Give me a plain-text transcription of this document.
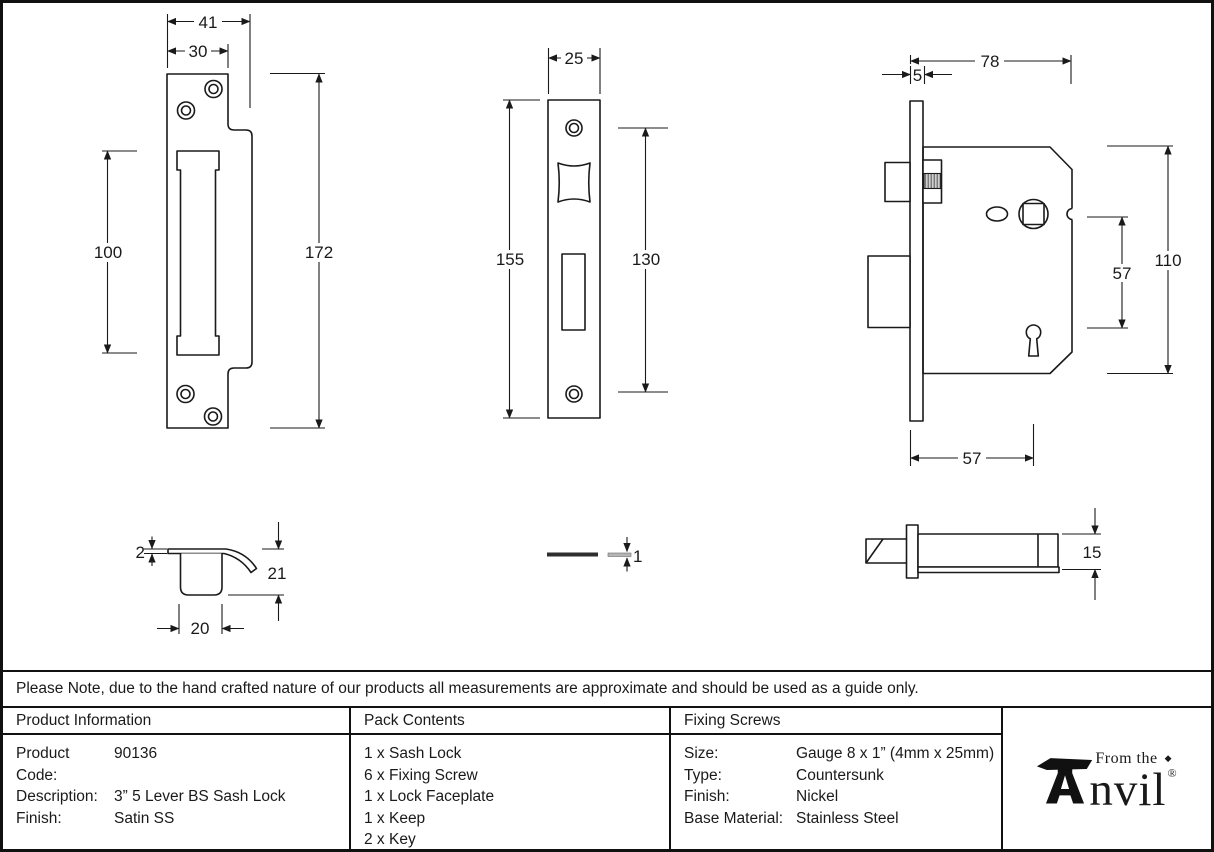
41
30
100	172
25
155	130
78
5
110
57
57
2
21
20
1	15
Please Note, due to the hand crafted nature of our products all measurements are approximate and should be used as a guide only.
Product Information
Product Code:
90136
Description:	3” 5 Lever BS Sash Lock
Finish:	Satin SS
Pack Contents
1 x Sash Lock
6 x Fixing Screw
1 x Lock Faceplate
1 x Keep
2 x Key
Fixing Screws
Size:	Gauge 8 x 1” (4mm x 25mm)
Type:	Countersunk
Finish:	Nickel
Base Material: Stainless Steel
From the ◆
nvil®
